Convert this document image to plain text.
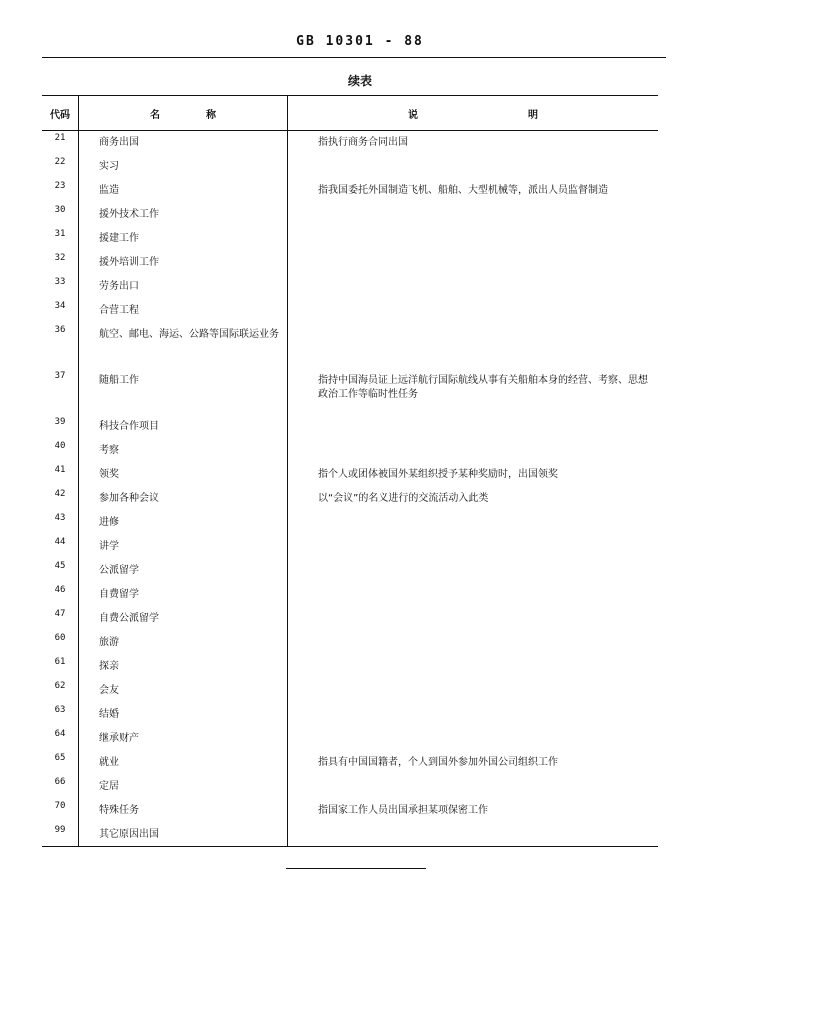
GB 10301 - 88
续表
代码	名 称	说 明

21	商务出国	指执行商务合同出国
22	实习	
23	监造	指我国委托外国制造飞机、船舶、大型机械等，派出人员监督制造
30	援外技术工作	
31	援建工作	
32	援外培训工作	
33	劳务出口	
34	合营工程	
36	航空、邮电、海运、公路等国际联运业务	
37	随船工作	指持中国海员证上远洋航行国际航线从事有关船舶本身的经营、考察、思想政治工作等临时性任务
39	科技合作项目	
40	考察	
41	领奖	指个人或团体被国外某组织授予某种奖励时，出国领奖
42	参加各种会议	以“会议”的名义进行的交流活动入此类
43	进修	
44	讲学	
45	公派留学	
46	自费留学	
47	自费公派留学	
60	旅游	
61	探亲	
62	会友	
63	结婚	
64	继承财产	
65	就业	指具有中国国籍者，个人到国外参加外国公司组织工作
66	定居	
70	特殊任务	指国家工作人员出国承担某项保密工作
99	其它原因出国	
